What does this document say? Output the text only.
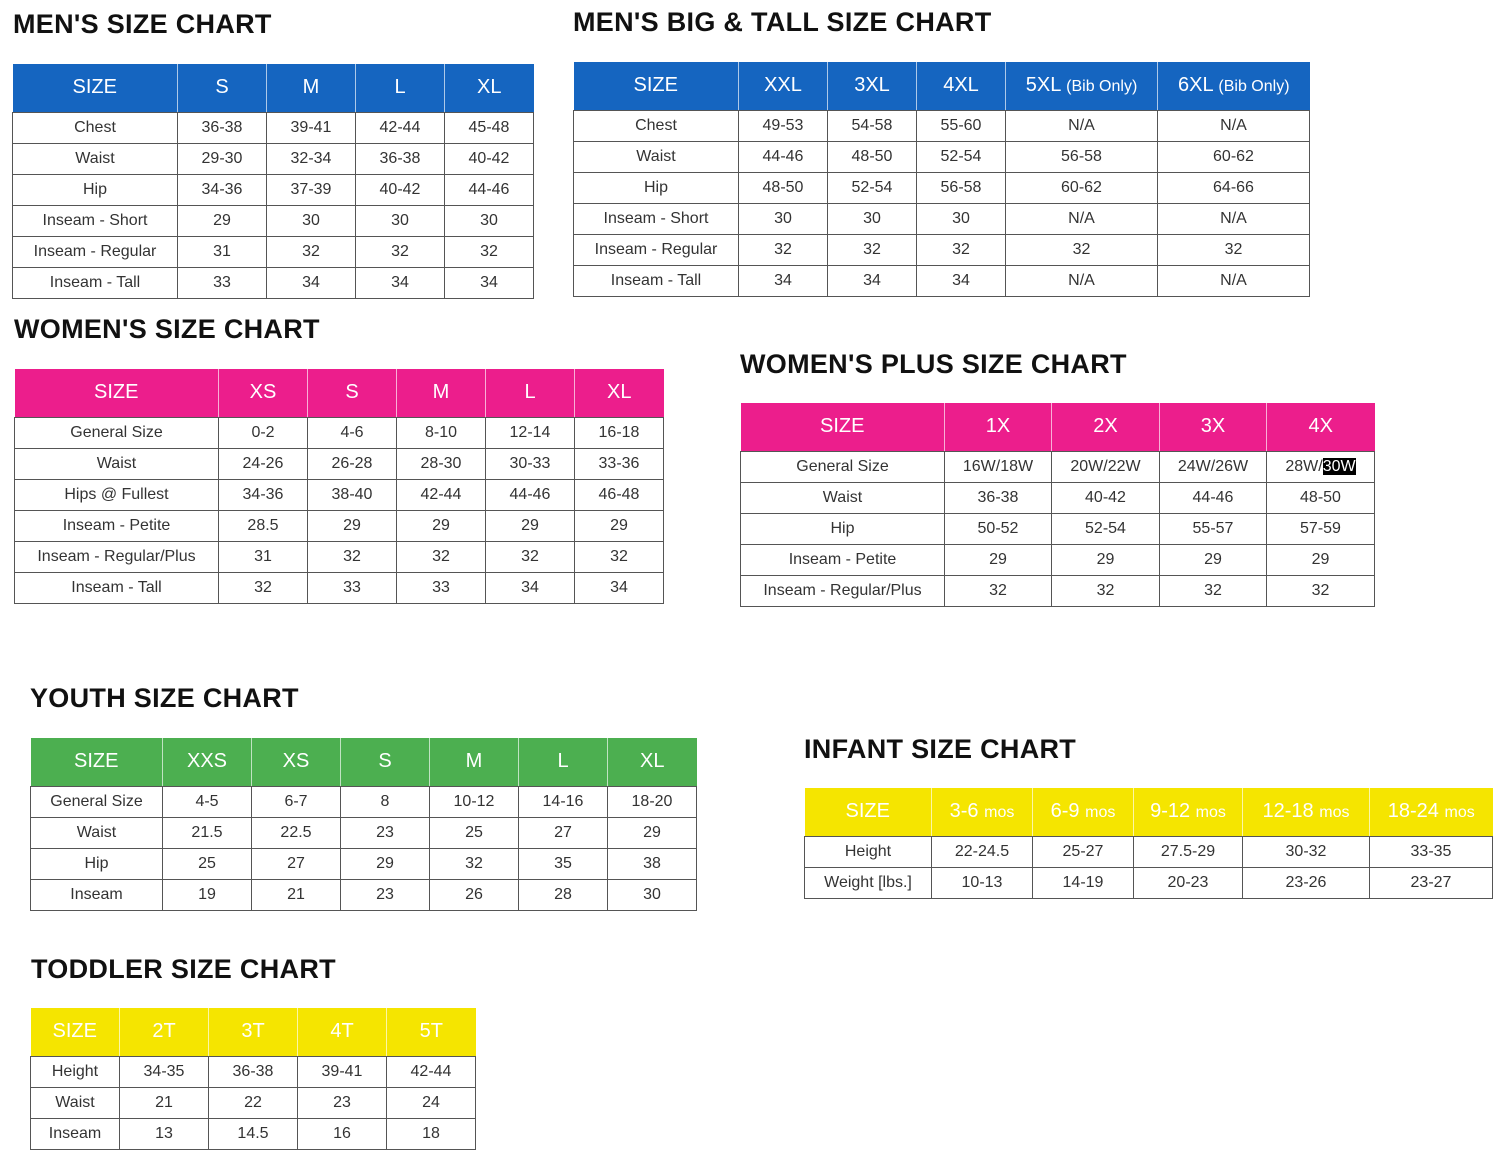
MEN'S SIZE CHART
SIZE	S	M	L	XL
Chest	36-38	39-41	42-44	45-48
Waist	29-30	32-34	36-38	40-42
Hip	34-36	37-39	40-42	44-46
Inseam - Short	29	30	30	30
Inseam - Regular	31	32	32	32
Inseam - Tall	33	34	34	34
MEN'S BIG & TALL SIZE CHART
SIZE	XXL	3XL	4XL	5XL (Bib Only)	6XL (Bib Only)
Chest	49-53	54-58	55-60	N/A	N/A
Waist	44-46	48-50	52-54	56-58	60-62
Hip	48-50	52-54	56-58	60-62	64-66
Inseam - Short	30	30	30	N/A	N/A
Inseam - Regular	32	32	32	32	32
Inseam - Tall	34	34	34	N/A	N/A
WOMEN'S SIZE CHART
SIZE	XS	S	M	L	XL
General Size	0-2	4-6	8-10	12-14	16-18
Waist	24-26	26-28	28-30	30-33	33-36
Hips @ Fullest	34-36	38-40	42-44	44-46	46-48
Inseam - Petite	28.5	29	29	29	29
Inseam - Regular/Plus	31	32	32	32	32
Inseam - Tall	32	33	33	34	34
WOMEN'S PLUS SIZE CHART
SIZE	1X	2X	3X	4X
General Size	16W/18W	20W/22W	24W/26W	28W/30W
Waist	36-38	40-42	44-46	48-50
Hip	50-52	52-54	55-57	57-59
Inseam - Petite	29	29	29	29
Inseam - Regular/Plus	32	32	32	32
YOUTH SIZE CHART
SIZE	XXS	XS	S	M	L	XL
General Size	4-5	6-7	8	10-12	14-16	18-20
Waist	21.5	22.5	23	25	27	29
Hip	25	27	29	32	35	38
Inseam	19	21	23	26	28	30
INFANT SIZE CHART
SIZE	3-6 mos	6-9 mos	9-12 mos	12-18 mos	18-24 mos
Height	22-24.5	25-27	27.5-29	30-32	33-35
Weight [lbs.]	10-13	14-19	20-23	23-26	23-27
TODDLER SIZE CHART
SIZE	2T	3T	4T	5T
Height	34-35	36-38	39-41	42-44
Waist	21	22	23	24
Inseam	13	14.5	16	18
